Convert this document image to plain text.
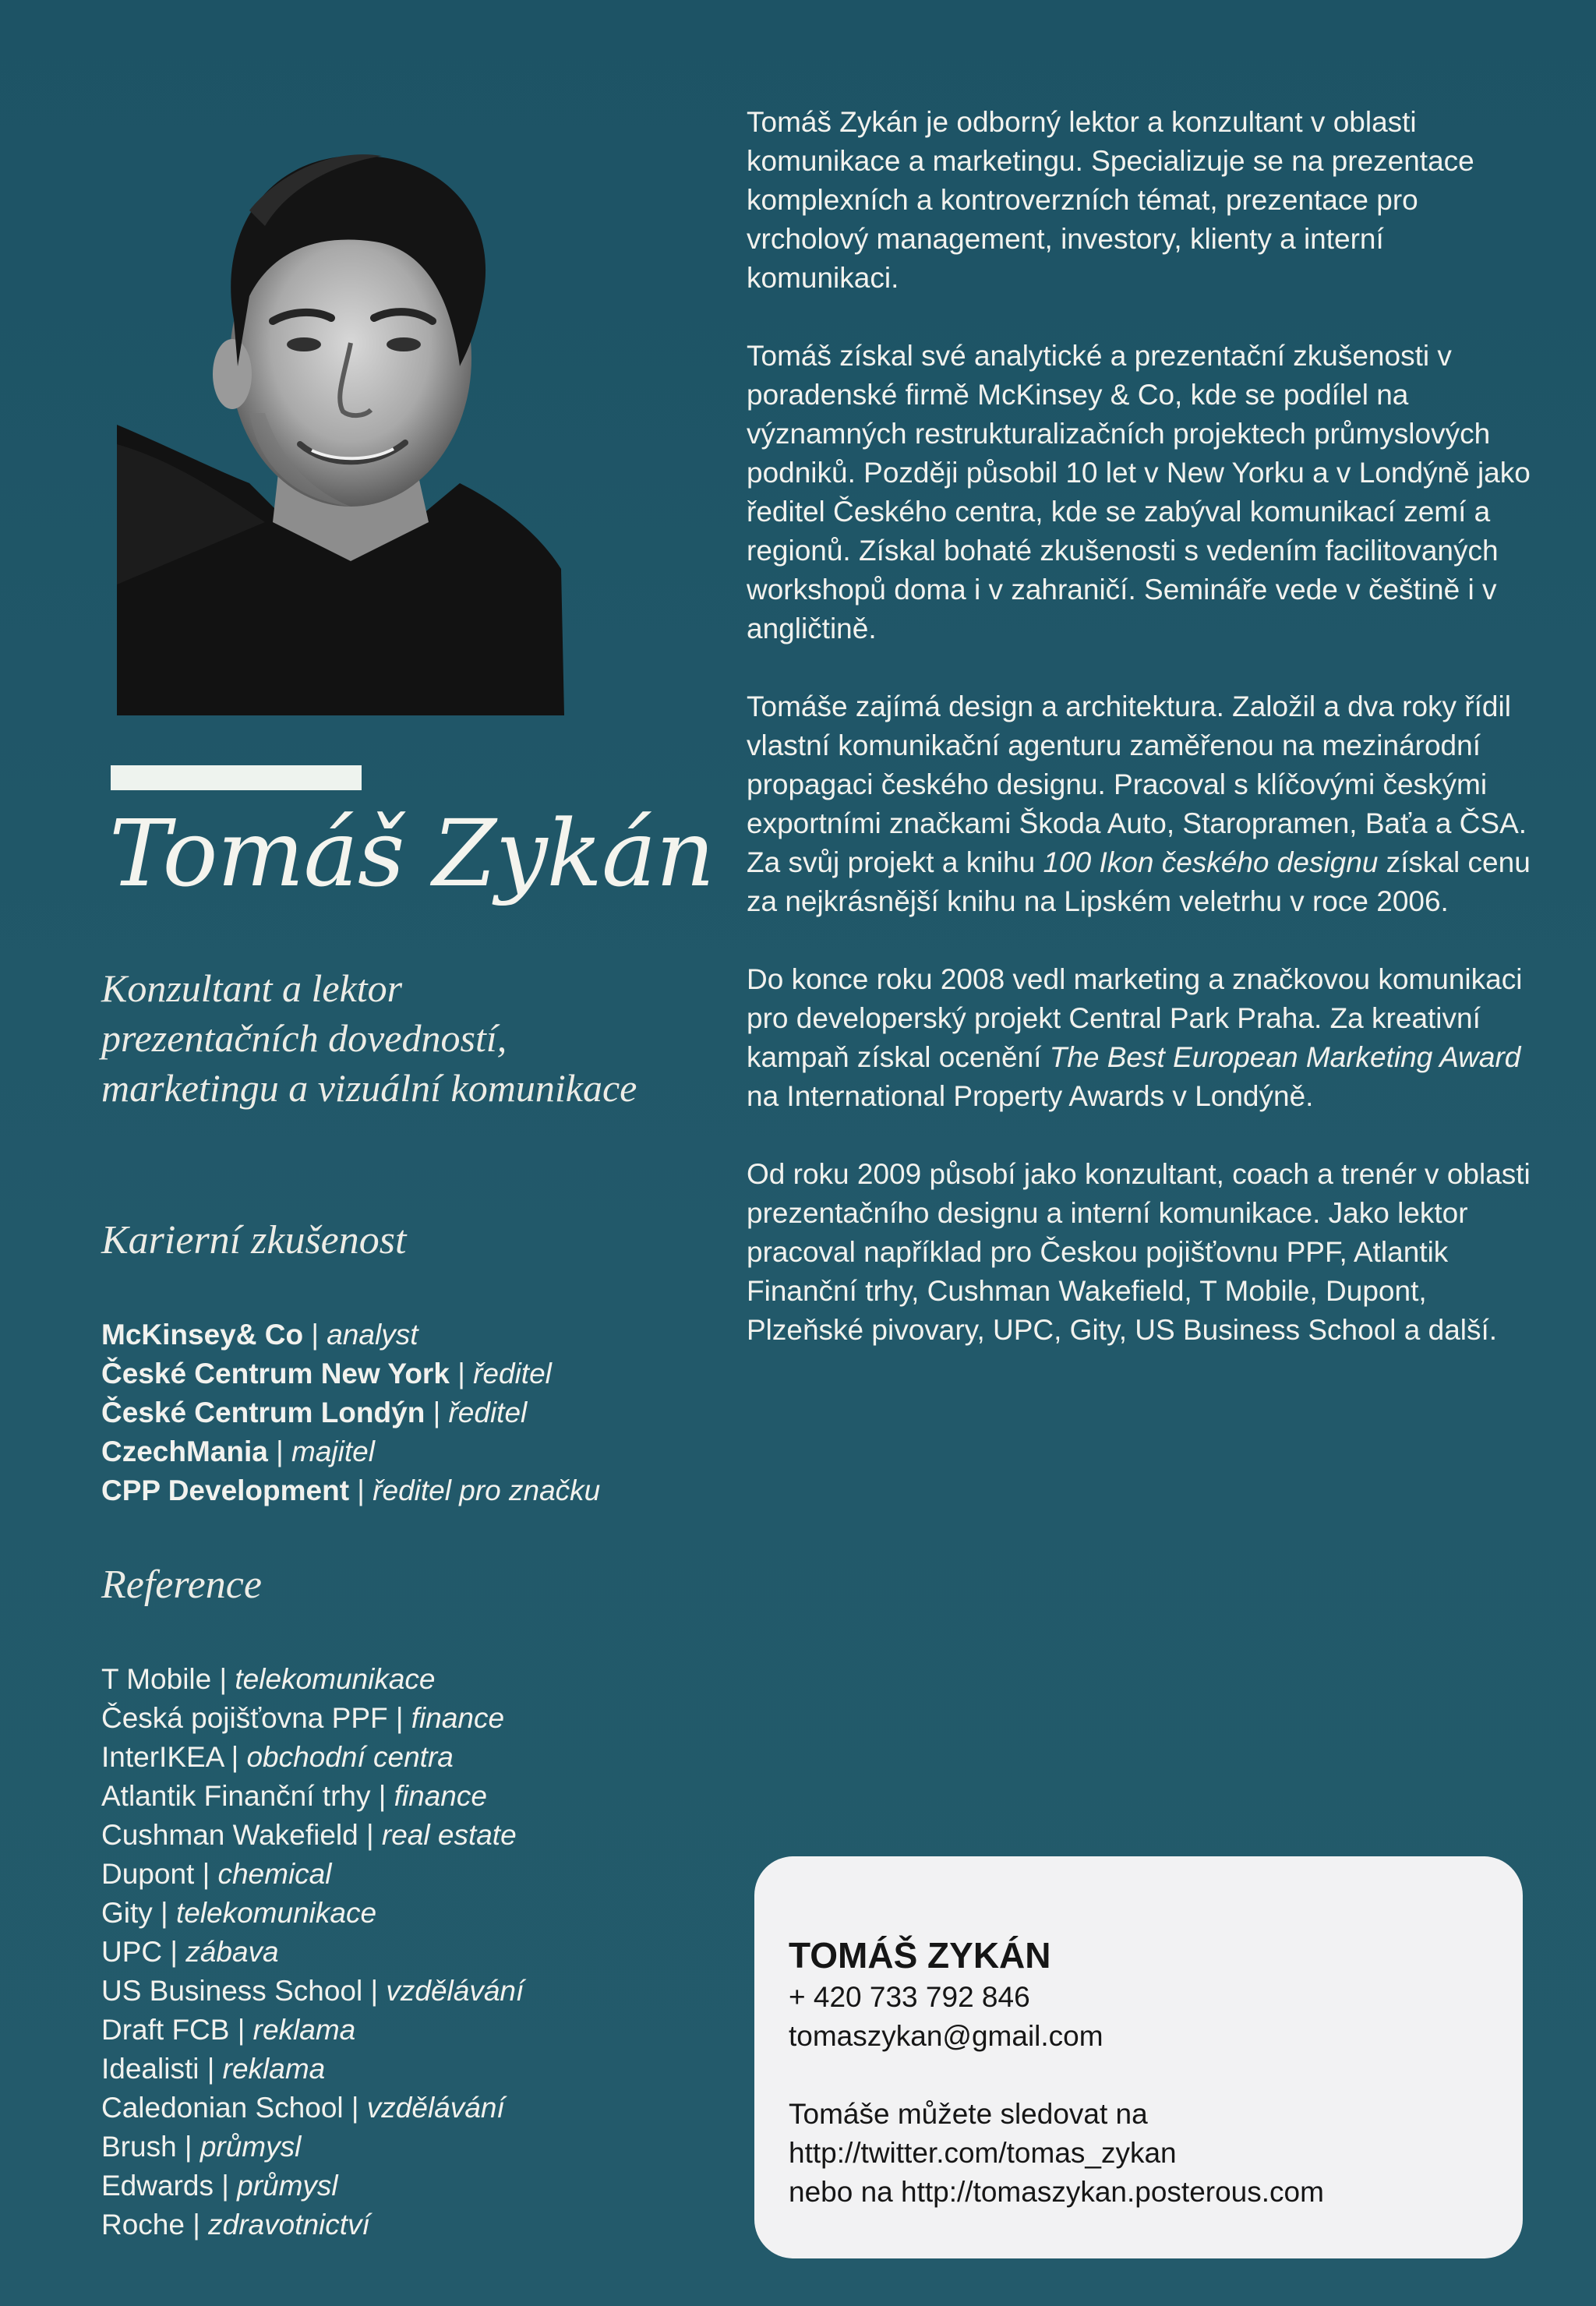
Tomáš Zykán
Konzultant a lektor
prezentačních dovedností,
marketingu a vizuální komunikace
Karierní zkušenost
McKinsey& Co | analyst
České Centrum New York | ředitel
České Centrum Londýn | ředitel
CzechMania | majitel
CPP Development | ředitel pro značku
Reference
T Mobile | telekomunikace
Česká pojišťovna PPF | finance
InterIKEA | obchodní centra
Atlantik Finanční trhy | finance
Cushman Wakefield | real estate
Dupont | chemical
Gity | telekomunikace
UPC | zábava
US Business School | vzdělávání
Draft FCB | reklama
Idealisti | reklama
Caledonian School | vzdělávání
Brush | průmysl
Edwards | průmysl
Roche | zdravotnictví

Tomáš Zykán je odborný lektor a konzultant v oblasti komunikace a marketingu. Specializuje se na prezentace komplexních a kontroverzních témat, prezentace pro vrcholový management, investory, klienty a interní komunikaci.

Tomáš získal své analytické a prezentační zkušenosti v poradenské firmě McKinsey & Co, kde se podílel na významných restrukturalizačních projektech průmyslových podniků. Později působil 10 let v New Yorku a v Londýně jako ředitel Českého centra, kde se zabýval komunikací zemí a regionů. Získal bohaté zkušenosti s vedením facilitovaných workshopů doma i v zahraničí. Semináře vede v češtině i v angličtině.

Tomáše zajímá design a architektura. Založil a dva roky řídil vlastní komunikační agenturu zaměřenou na mezinárodní propagaci českého designu. Pracoval s klíčovými českými exportními značkami Škoda Auto, Staropramen, Baťa a ČSA. Za svůj projekt a knihu 100 Ikon českého designu získal cenu za nejkrásnější knihu na Lipském veletrhu v roce 2006.

Do konce roku 2008 vedl marketing a značkovou komunikaci pro developerský projekt Central Park Praha. Za kreativní kampaň získal ocenění The Best European Marketing Award na International Property Awards v Londýně.

Od roku 2009 působí jako konzultant, coach a trenér v oblasti prezentačního designu a interní komunikace. Jako lektor pracoval například pro Českou pojišťovnu PPF, Atlantik Finanční trhy, Cushman Wakefield, T Mobile, Dupont, Plzeňské pivovary, UPC, Gity, US Business School a další.

TOMÁŠ ZYKÁN
+ 420 733 792 846
tomaszykan@gmail.com
Tomáše můžete sledovat na
http://twitter.com/tomas_zykan
nebo na http://tomaszykan.posterous.com
